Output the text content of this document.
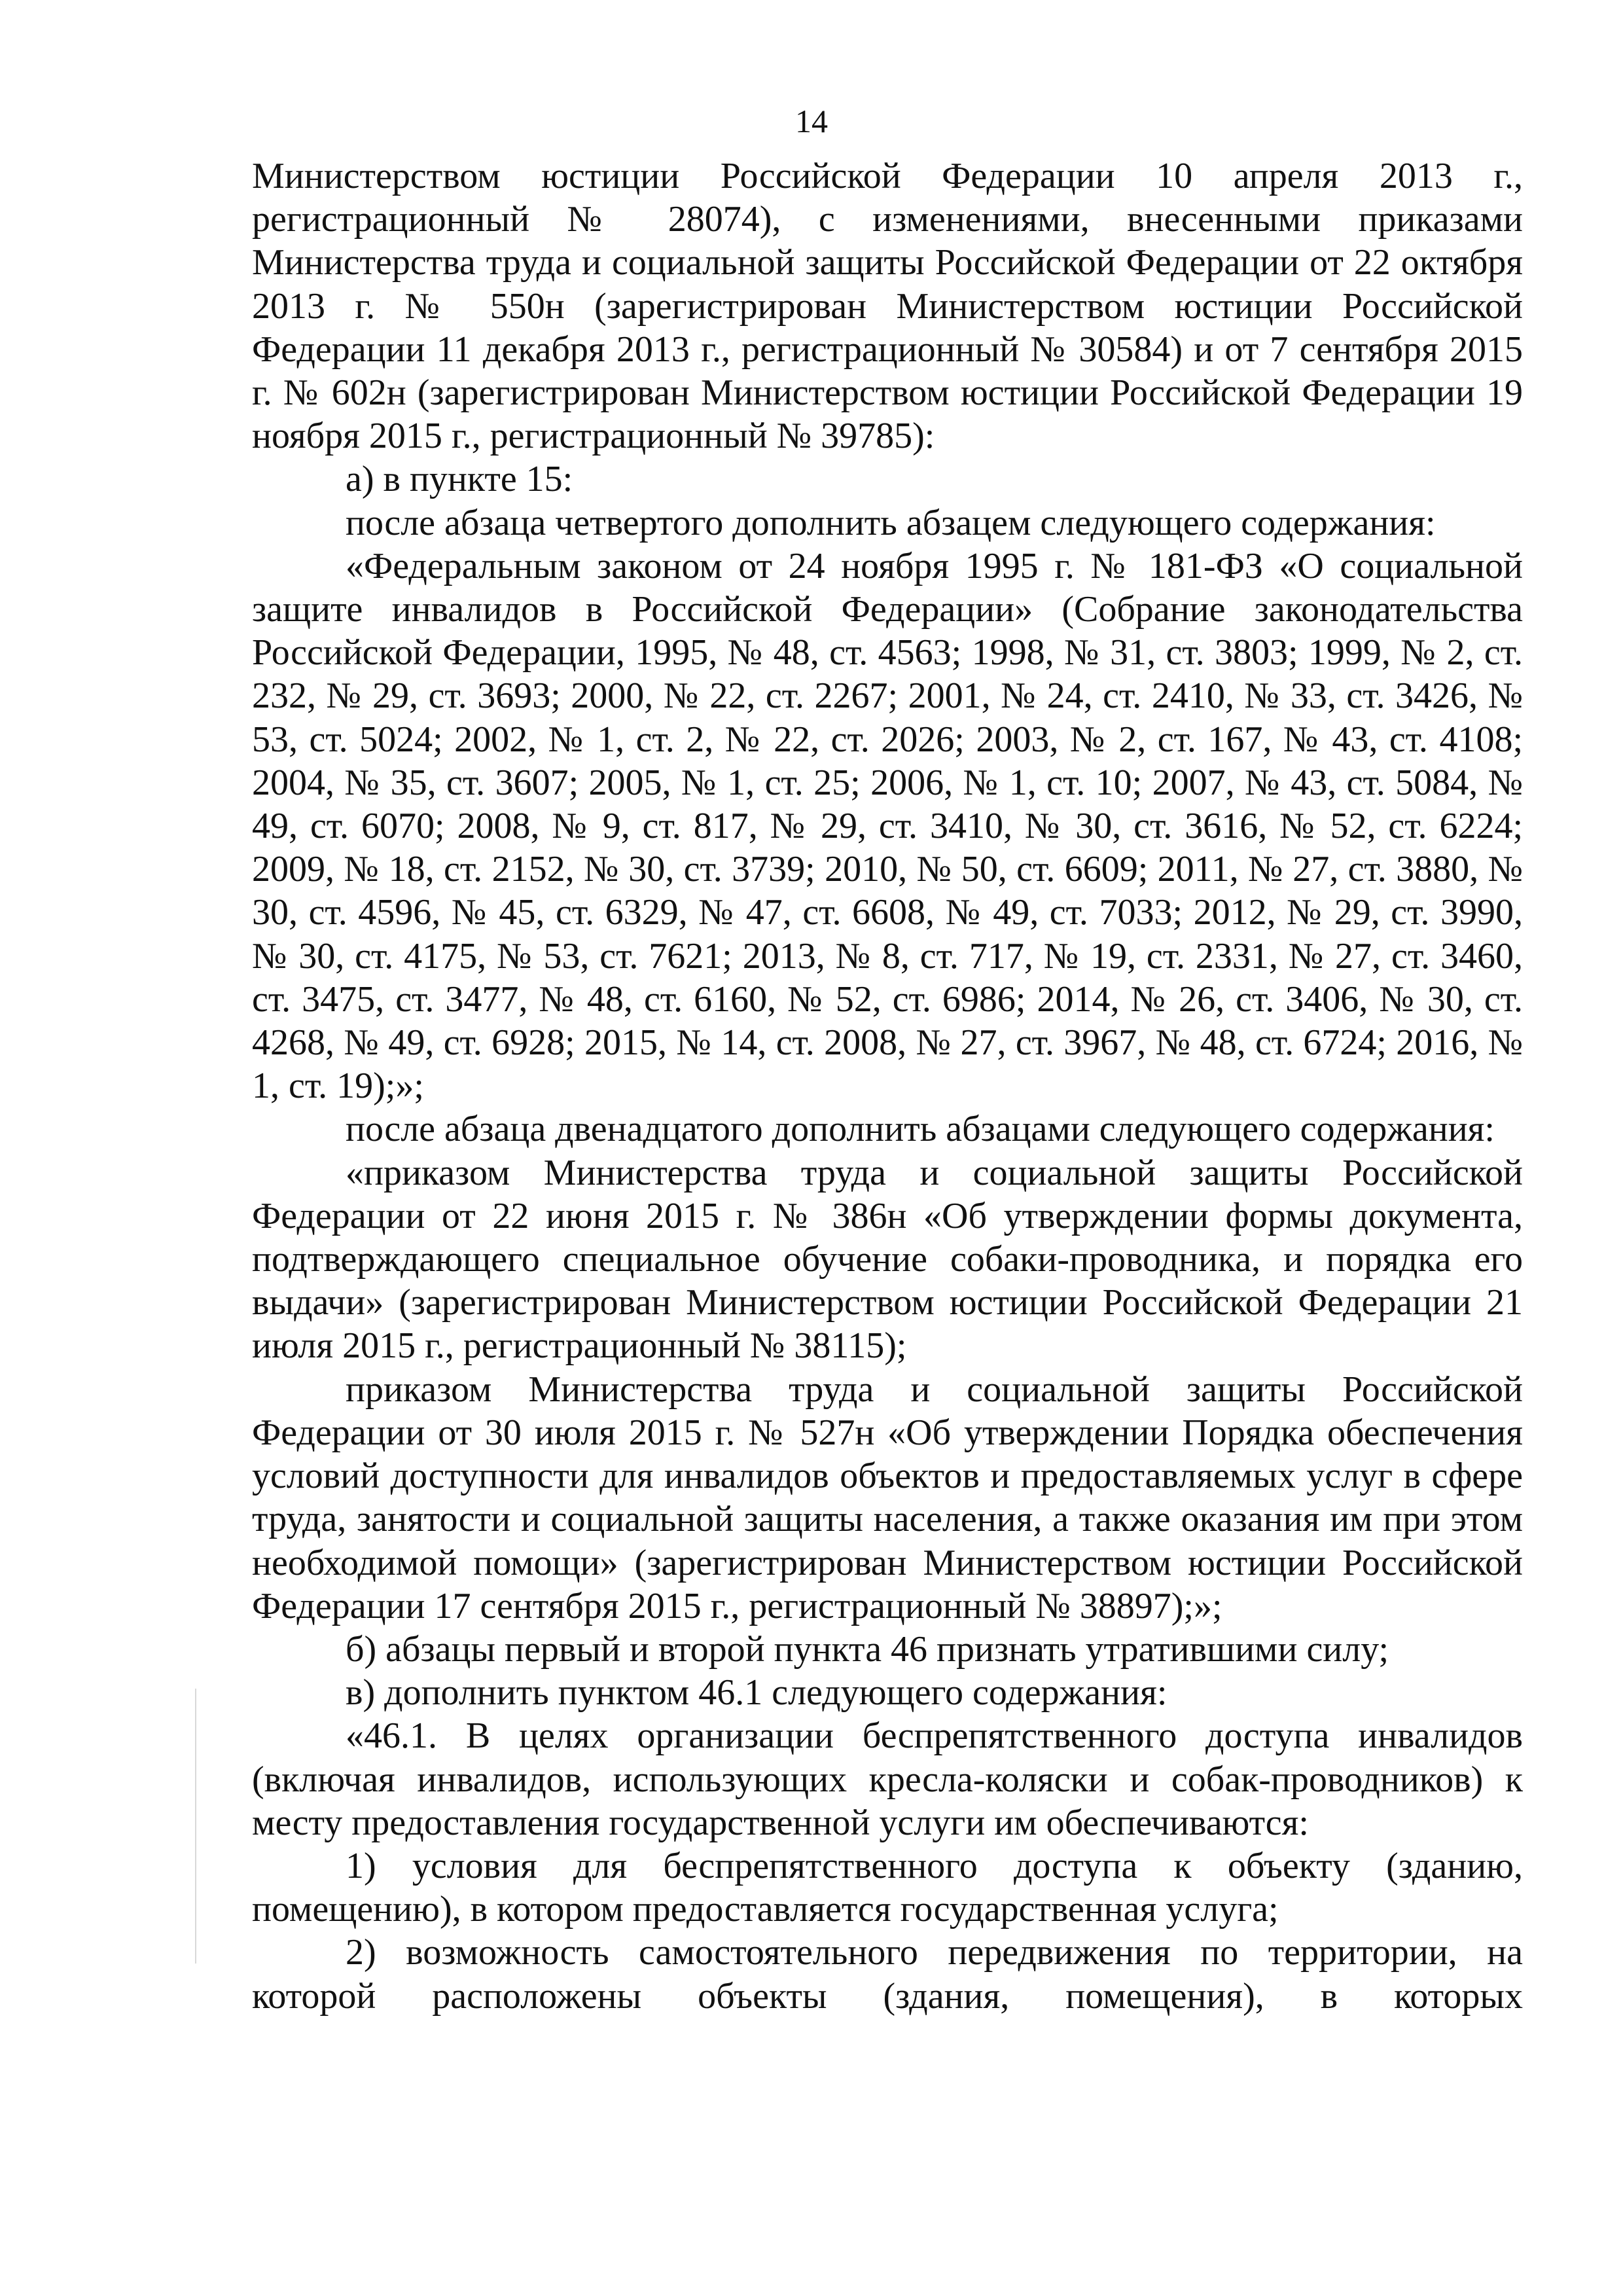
14

Министерством юстиции Российской Федерации 10 апреля 2013 г., регистрационный № 28074), с изменениями, внесенными приказами Министерства труда и социальной защиты Российской Федерации от 22 октября 2013 г. № 550н (зарегистрирован Министерством юстиции Российской Федерации 11 декабря 2013 г., регистрационный № 30584) и от 7 сентября 2015 г. № 602н (зарегистрирован Министерством юстиции Российской Федерации 19 ноября 2015 г., регистрационный № 39785):

а) в пункте 15:

после абзаца четвертого дополнить абзацем следующего содержания:

«Федеральным законом от 24 ноября 1995 г. № 181-ФЗ «О социальной защите инвалидов в Российской Федерации» (Собрание законодательства Российской Федерации, 1995, № 48, ст. 4563; 1998, № 31, ст. 3803; 1999, № 2, ст. 232, № 29, ст. 3693; 2000, № 22, ст. 2267; 2001, № 24, ст. 2410, № 33, ст. 3426, № 53, ст. 5024; 2002, № 1, ст. 2, № 22, ст. 2026; 2003, № 2, ст. 167, № 43, ст. 4108; 2004, № 35, ст. 3607; 2005, № 1, ст. 25; 2006, № 1, ст. 10; 2007, № 43, ст. 5084, № 49, ст. 6070; 2008, № 9, ст. 817, № 29, ст. 3410, № 30, ст. 3616, № 52, ст. 6224; 2009, № 18, ст. 2152, № 30, ст. 3739; 2010, № 50, ст. 6609; 2011, № 27, ст. 3880, № 30, ст. 4596, № 45, ст. 6329, № 47, ст. 6608, № 49, ст. 7033; 2012, № 29, ст. 3990, № 30, ст. 4175, № 53, ст. 7621; 2013, № 8, ст. 717, № 19, ст. 2331, № 27, ст. 3460, ст. 3475, ст. 3477, № 48, ст. 6160, № 52, ст. 6986; 2014, № 26, ст. 3406, № 30, ст. 4268, № 49, ст. 6928; 2015, № 14, ст. 2008, № 27, ст. 3967, № 48, ст. 6724; 2016, № 1, ст. 19);»;

после абзаца двенадцатого дополнить абзацами следующего содержания:

«приказом Министерства труда и социальной защиты Российской Федерации от 22 июня 2015 г. № 386н «Об утверждении формы документа, подтверждающего специальное обучение собаки-проводника, и порядка его выдачи» (зарегистрирован Министерством юстиции Российской Федерации 21 июля 2015 г., регистрационный № 38115);

приказом Министерства труда и социальной защиты Российской Федерации от 30 июля 2015 г. № 527н «Об утверждении Порядка обеспечения условий доступности для инвалидов объектов и предоставляемых услуг в сфере труда, занятости и социальной защиты населения, а также оказания им при этом необходимой помощи» (зарегистрирован Министерством юстиции Российской Федерации 17 сентября 2015 г., регистрационный № 38897);»;

б) абзацы первый и второй пункта 46 признать утратившими силу;

в) дополнить пунктом 46.1 следующего содержания:

«46.1. В целях организации беспрепятственного доступа инвалидов (включая инвалидов, использующих кресла-коляски и собак-проводников) к месту предоставления государственной услуги им обеспечиваются:

1) условия для беспрепятственного доступа к объекту (зданию, помещению), в котором предоставляется государственная услуга;

2) возможность самостоятельного передвижения по территории, на которой расположены объекты (здания, помещения), в которых
